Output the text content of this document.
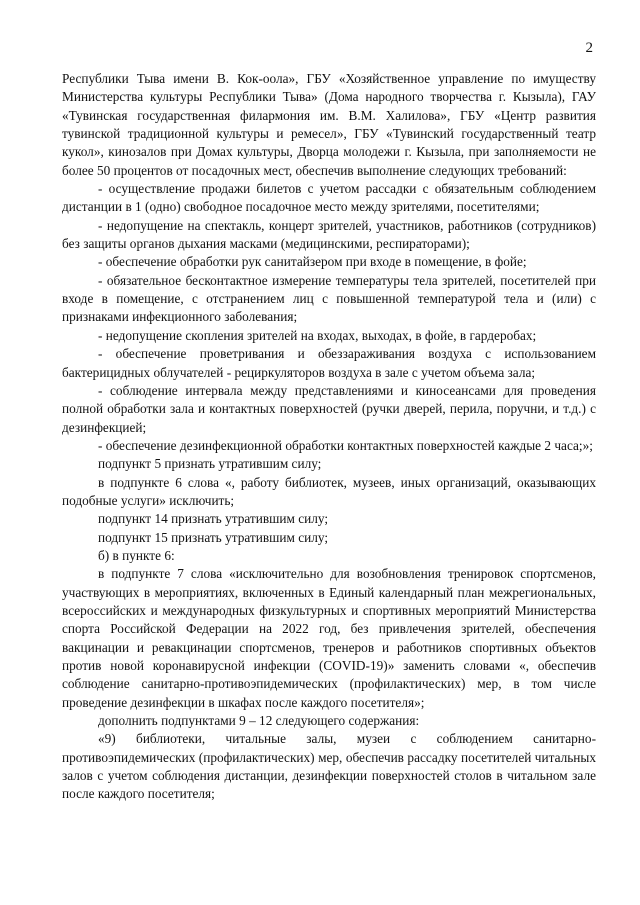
2

Республики Тыва имени В. Кок-оола», ГБУ «Хозяйственное управление по имуществу Министерства культуры Республики Тыва» (Дома народного творчества г. Кызыла), ГАУ «Тувинская государственная филармония им. В.М. Халилова», ГБУ «Центр развития тувинской традиционной культуры и ремесел», ГБУ «Тувинский государственный театр кукол», кинозалов при Домах культуры, Дворца молодежи г. Кызыла, при заполняемости не более 50 процентов от посадочных мест, обеспечив выполнение следующих требований:

- осуществление продажи билетов с учетом рассадки с обязательным соблюдением дистанции в 1 (одно) свободное посадочное место между зрителями, посетителями;

- недопущение на спектакль, концерт зрителей, участников, работников (сотрудников) без защиты органов дыхания масками (медицинскими, респираторами);

- обеспечение обработки рук санитайзером при входе в помещение, в фойе;

- обязательное бесконтактное измерение температуры тела зрителей, посетителей при входе в помещение, с отстранением лиц с повышенной температурой тела и (или) с признаками инфекционного заболевания;

- недопущение скопления зрителей на входах, выходах, в фойе, в гардеробах;

- обеспечение проветривания и обеззараживания воздуха с использованием бактерицидных облучателей - рециркуляторов воздуха в зале с учетом объема зала;

- соблюдение интервала между представлениями и киносеансами для проведения полной обработки зала и контактных поверхностей (ручки дверей, перила, поручни, и т.д.) с дезинфекцией;

- обеспечение дезинфекционной обработки контактных поверхностей каждые 2 часа;»;

подпункт 5 признать утратившим силу;

в подпункте 6 слова «, работу библиотек, музеев, иных организаций, оказывающих подобные услуги» исключить;

подпункт 14 признать утратившим силу;

подпункт 15 признать утратившим силу;

б) в пункте 6:

в подпункте 7 слова «исключительно для возобновления тренировок спортсменов, участвующих в мероприятиях, включенных в Единый календарный план межрегиональных, всероссийских и международных физкультурных и спортивных мероприятий Министерства спорта Российской Федерации на 2022 год, без привлечения зрителей, обеспечения вакцинации и ревакцинации спортсменов, тренеров и работников спортивных объектов против новой коронавирусной инфекции (COVID-19)» заменить словами «, обеспечив соблюдение санитарно-противоэпидемических (профилактических) мер, в том числе проведение дезинфекции в шкафах после каждого посетителя»;

дополнить подпунктами 9 – 12 следующего содержания:

«9) библиотеки, читальные залы, музеи с соблюдением санитарно-противоэпидемических (профилактических) мер, обеспечив рассадку посетителей читальных залов с учетом соблюдения дистанции, дезинфекции поверхностей столов в читальном зале после каждого посетителя;
